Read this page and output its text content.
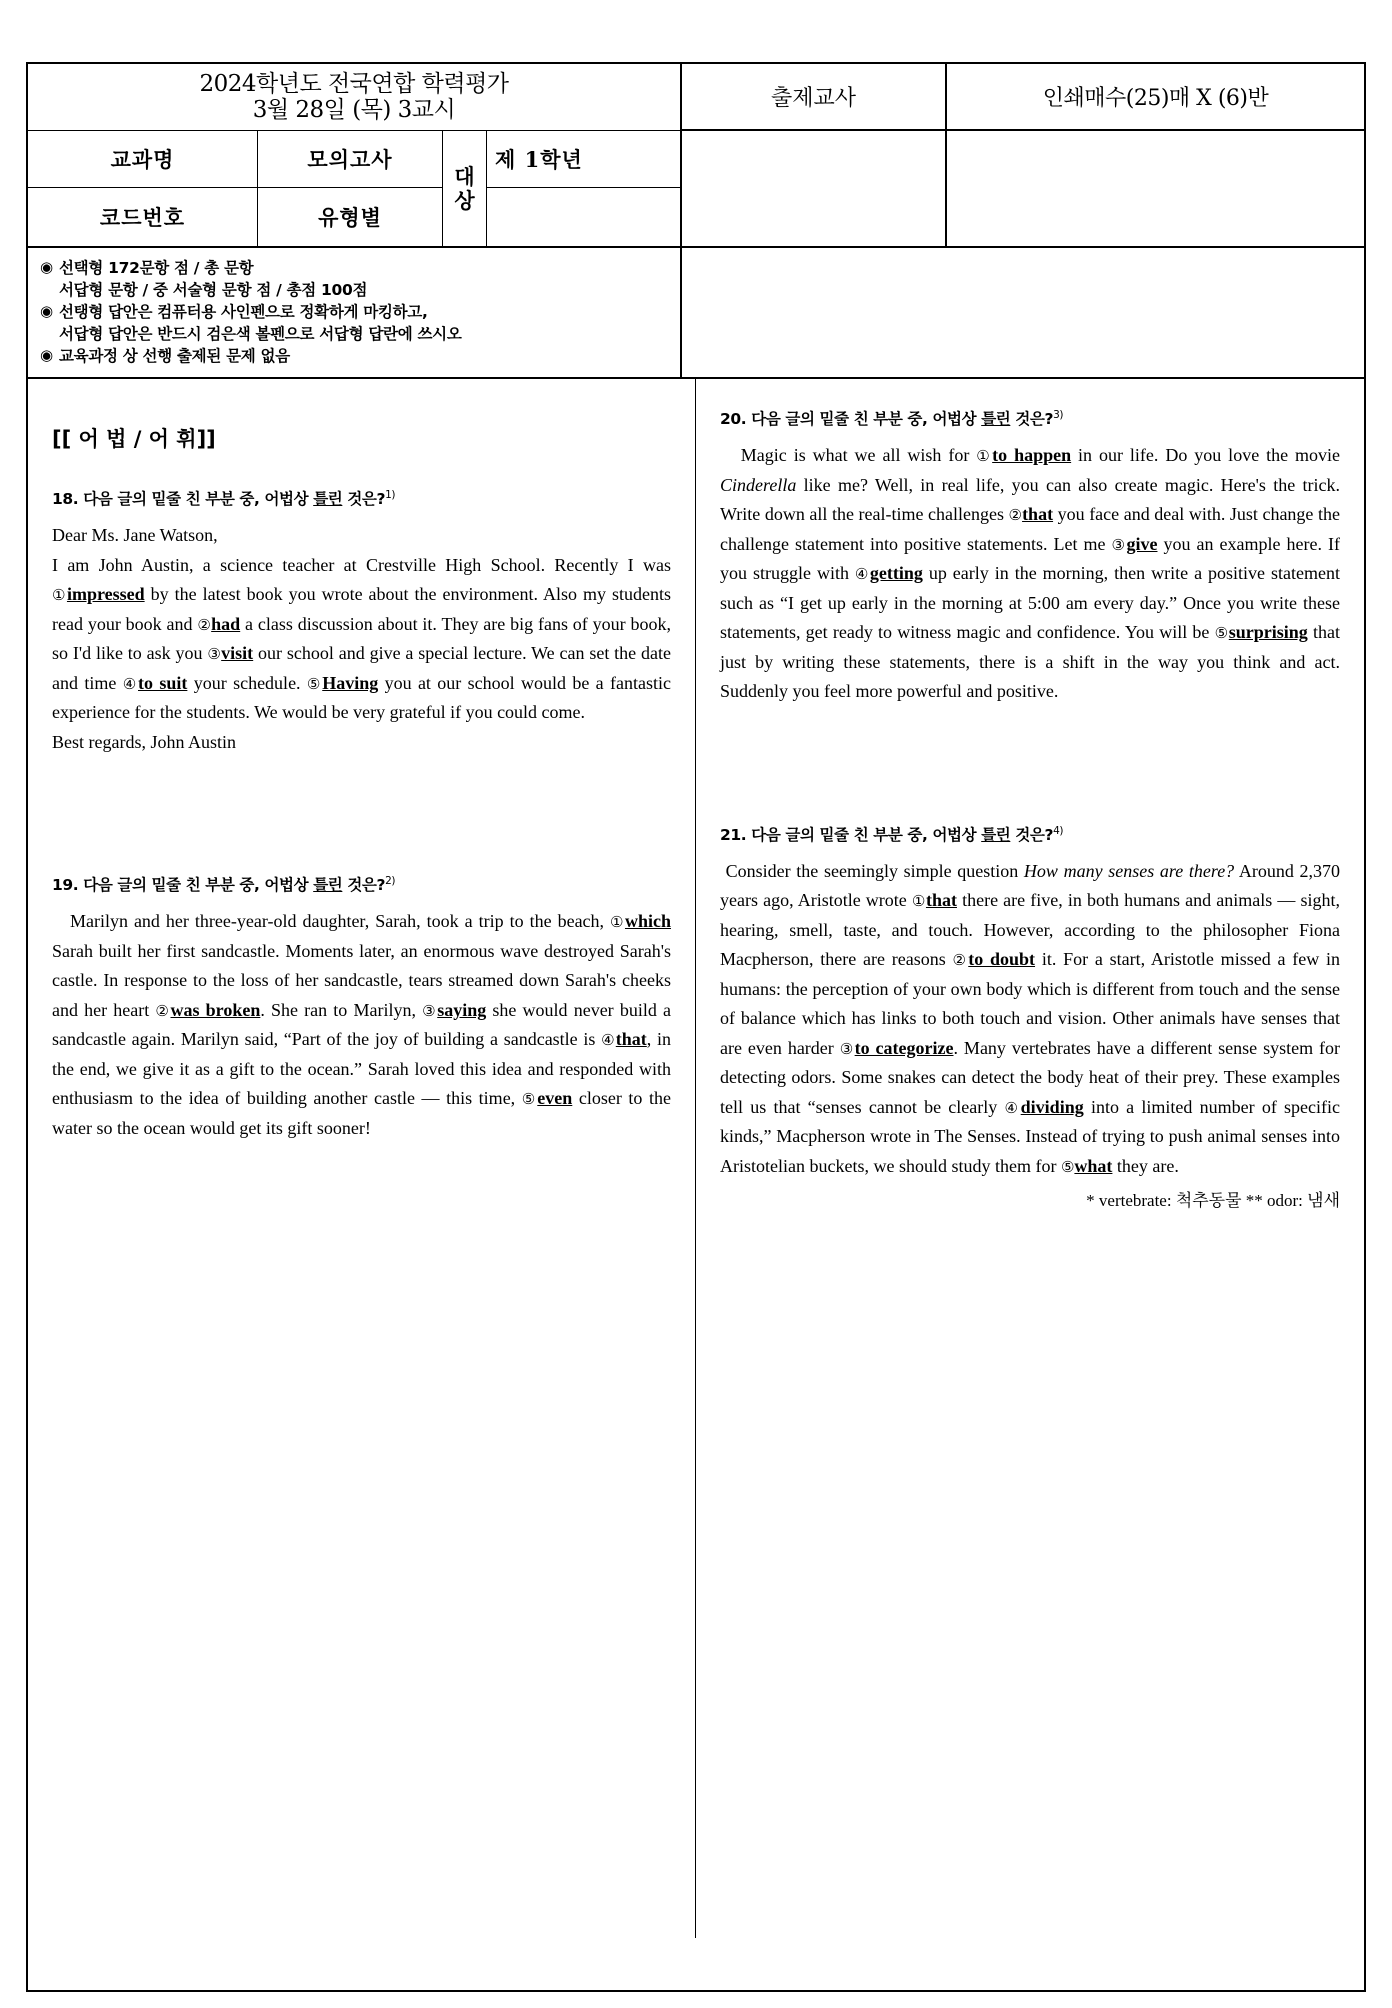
2024학년도 전국연합 학력평가
3월 28일 (목) 3교시
교과명
코드번호
모의고사
유형별
대
상
제 1학년
출제교사	인쇄매수(25)매 X (6)반
◉ 선택형 172문항 점 / 총 문항
서답형 문항 / 중 서술형 문항 점 / 총점 100점
◉ 선탱형 답안은 컴퓨터용 사인펜으로 정확하게 마킹하고,
서답형 답안은 반드시 검은색 볼펜으로 서답형 답란에 쓰시오
◉ 교육과정 상 선행 출제된 문제 없음
[[ 어 법 / 어 휘]]
18. 다음 글의 밑줄 친 부분 중, 어법상 틀린 것은?$^{1)}$

Dear Ms. Jane Watson,

I am John Austin, a science teacher at Crestville High School. Recently I was ①impressed by the latest book you wrote about the environment. Also my students read your book and ②had a class discussion about it. They are big fans of your book, so I'd like to ask you ③visit our school and give a special lecture. We can set the date and time ④to suit your schedule. ⑤Having you at our school would be a fantastic experience for the students. We would be very grateful if you could come.

Best regards, John Austin

19. 다음 글의 밑줄 친 부분 중, 어법상 틀린 것은?$^{2)}$

Marilyn and her three-year-old daughter, Sarah, took a trip to the beach, ①which Sarah built her first sandcastle. Moments later, an enormous wave destroyed Sarah's castle. In response to the loss of her sandcastle, tears streamed down Sarah's cheeks and her heart ②was broken. She ran to Marilyn, ③saying she would never build a sandcastle again. Marilyn said, “Part of the joy of building a sandcastle is ④that, in the end, we give it as a gift to the ocean.” Sarah loved this idea and responded with enthusiasm to the idea of building another castle — this time, ⑤even closer to the water so the ocean would get its gift sooner!

20. 다음 글의 밑줄 친 부분 중, 어법상 틀린 것은?$^{3)}$

Magic is what we all wish for ①to happen in our life. Do you love the movie Cinderella like me? Well, in real life, you can also create magic. Here's the trick. Write down all the real-time challenges ②that you face and deal with. Just change the challenge statement into positive statements. Let me ③give you an example here. If you struggle with ④getting up early in the morning, then write a positive statement such as “I get up early in the morning at 5:00 am every day.” Once you write these statements, get ready to witness magic and confidence. You will be ⑤surprising that just by writing these statements, there is a shift in the way you think and act. Suddenly you feel more powerful and positive.

21. 다음 글의 밑줄 친 부분 중, 어법상 틀린 것은?$^{4)}$

Consider the seemingly simple question How many senses are there? Around 2,370 years ago, Aristotle wrote ①that there are five, in both humans and animals — sight, hearing, smell, taste, and touch. However, according to the philosopher Fiona Macpherson, there are reasons ②to doubt it. For a start, Aristotle missed a few in humans: the perception of your own body which is different from touch and the sense of balance which has links to both touch and vision. Other animals have senses that are even harder ③to categorize. Many vertebrates have a different sense system for detecting odors. Some snakes can detect the body heat of their prey. These examples tell us that “senses cannot be clearly ④dividing into a limited number of specific kinds,” Macpherson wrote in The Senses. Instead of trying to push animal senses into Aristotelian buckets, we should study them for ⑤what they are.

* vertebrate: 척추동물 ** odor: 냄새
